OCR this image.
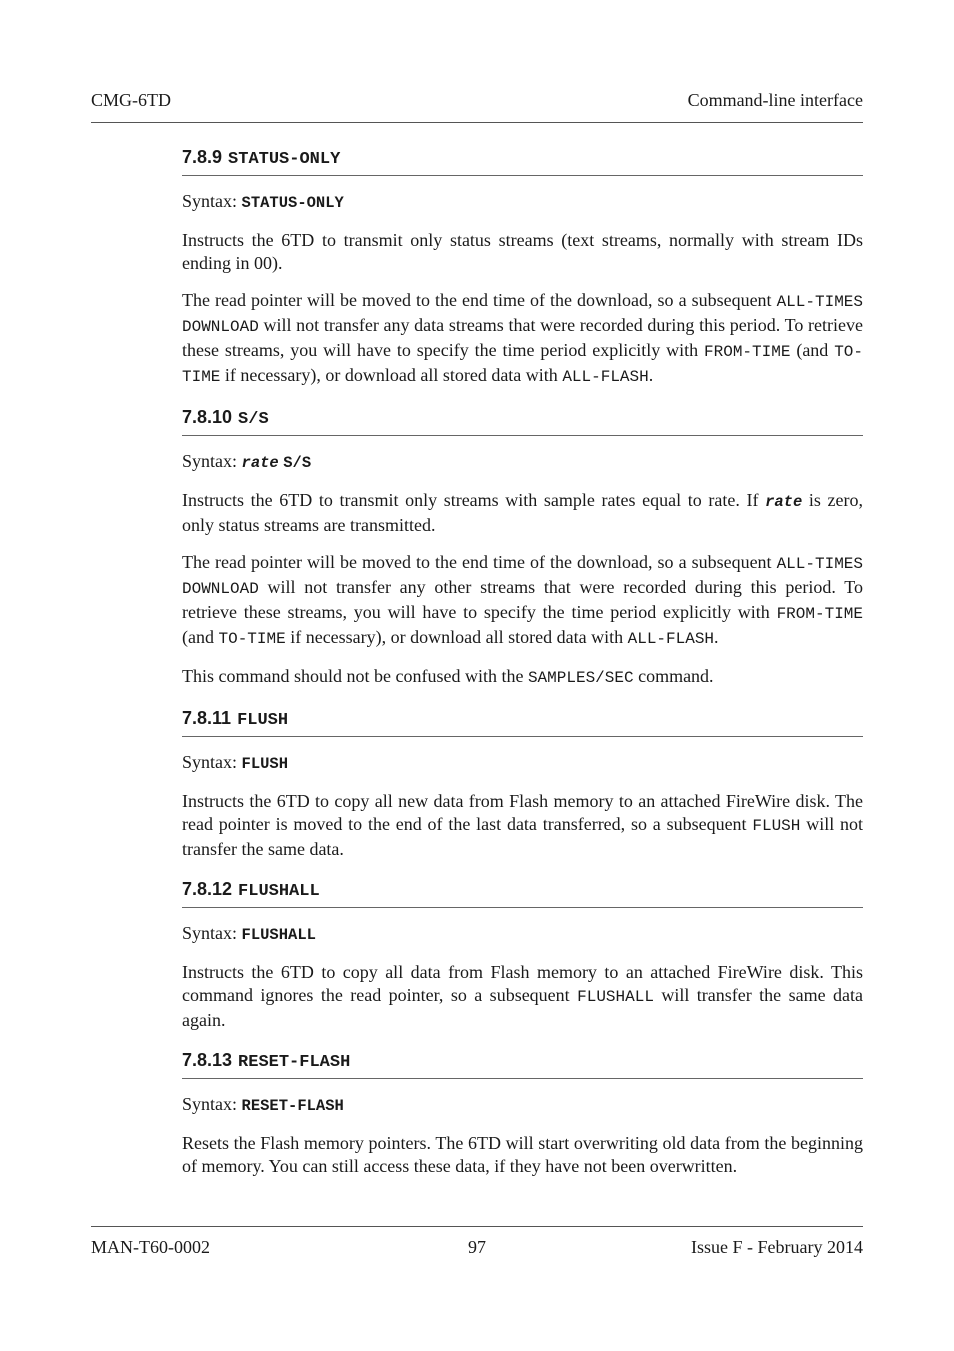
CMG-6TD	Command-line interface
7.8.9 STATUS-ONLY
Syntax: STATUS-ONLY

Instructs the 6TD to transmit only status streams (text streams, normally with stream IDs ending in 00).

The read pointer will be moved to the end time of the download, so a subsequent ALL-TIMES DOWNLOAD will not transfer any data streams that were recorded during this period. To retrieve these streams, you will have to specify the time period explicitly with FROM-TIME (and TO-TIME if necessary), or download all stored data with ALL-FLASH.

7.8.10 S/S
Syntax: rate S/S

Instructs the 6TD to transmit only streams with sample rates equal to rate. If rate is zero, only status streams are transmitted.

The read pointer will be moved to the end time of the download, so a subsequent ALL-TIMES DOWNLOAD will not transfer any other streams that were recorded during this period. To retrieve these streams, you will have to specify the time period explicitly with FROM-TIME (and TO-TIME if necessary), or download all stored data with ALL-FLASH.

This command should not be confused with the SAMPLES/SEC command.

7.8.11 FLUSH
Syntax: FLUSH

Instructs the 6TD to copy all new data from Flash memory to an attached FireWire disk. The read pointer is moved to the end of the last data transferred, so a subsequent FLUSH will not transfer the same data.

7.8.12 FLUSHALL
Syntax: FLUSHALL

Instructs the 6TD to copy all data from Flash memory to an attached FireWire disk. This command ignores the read pointer, so a subsequent FLUSHALL will transfer the same data again.

7.8.13 RESET-FLASH
Syntax: RESET-FLASH

Resets the Flash memory pointers. The 6TD will start overwriting old data from the beginning of memory. You can still access these data, if they have not been overwritten.

MAN-T60-0002	97	Issue F - February 2014
